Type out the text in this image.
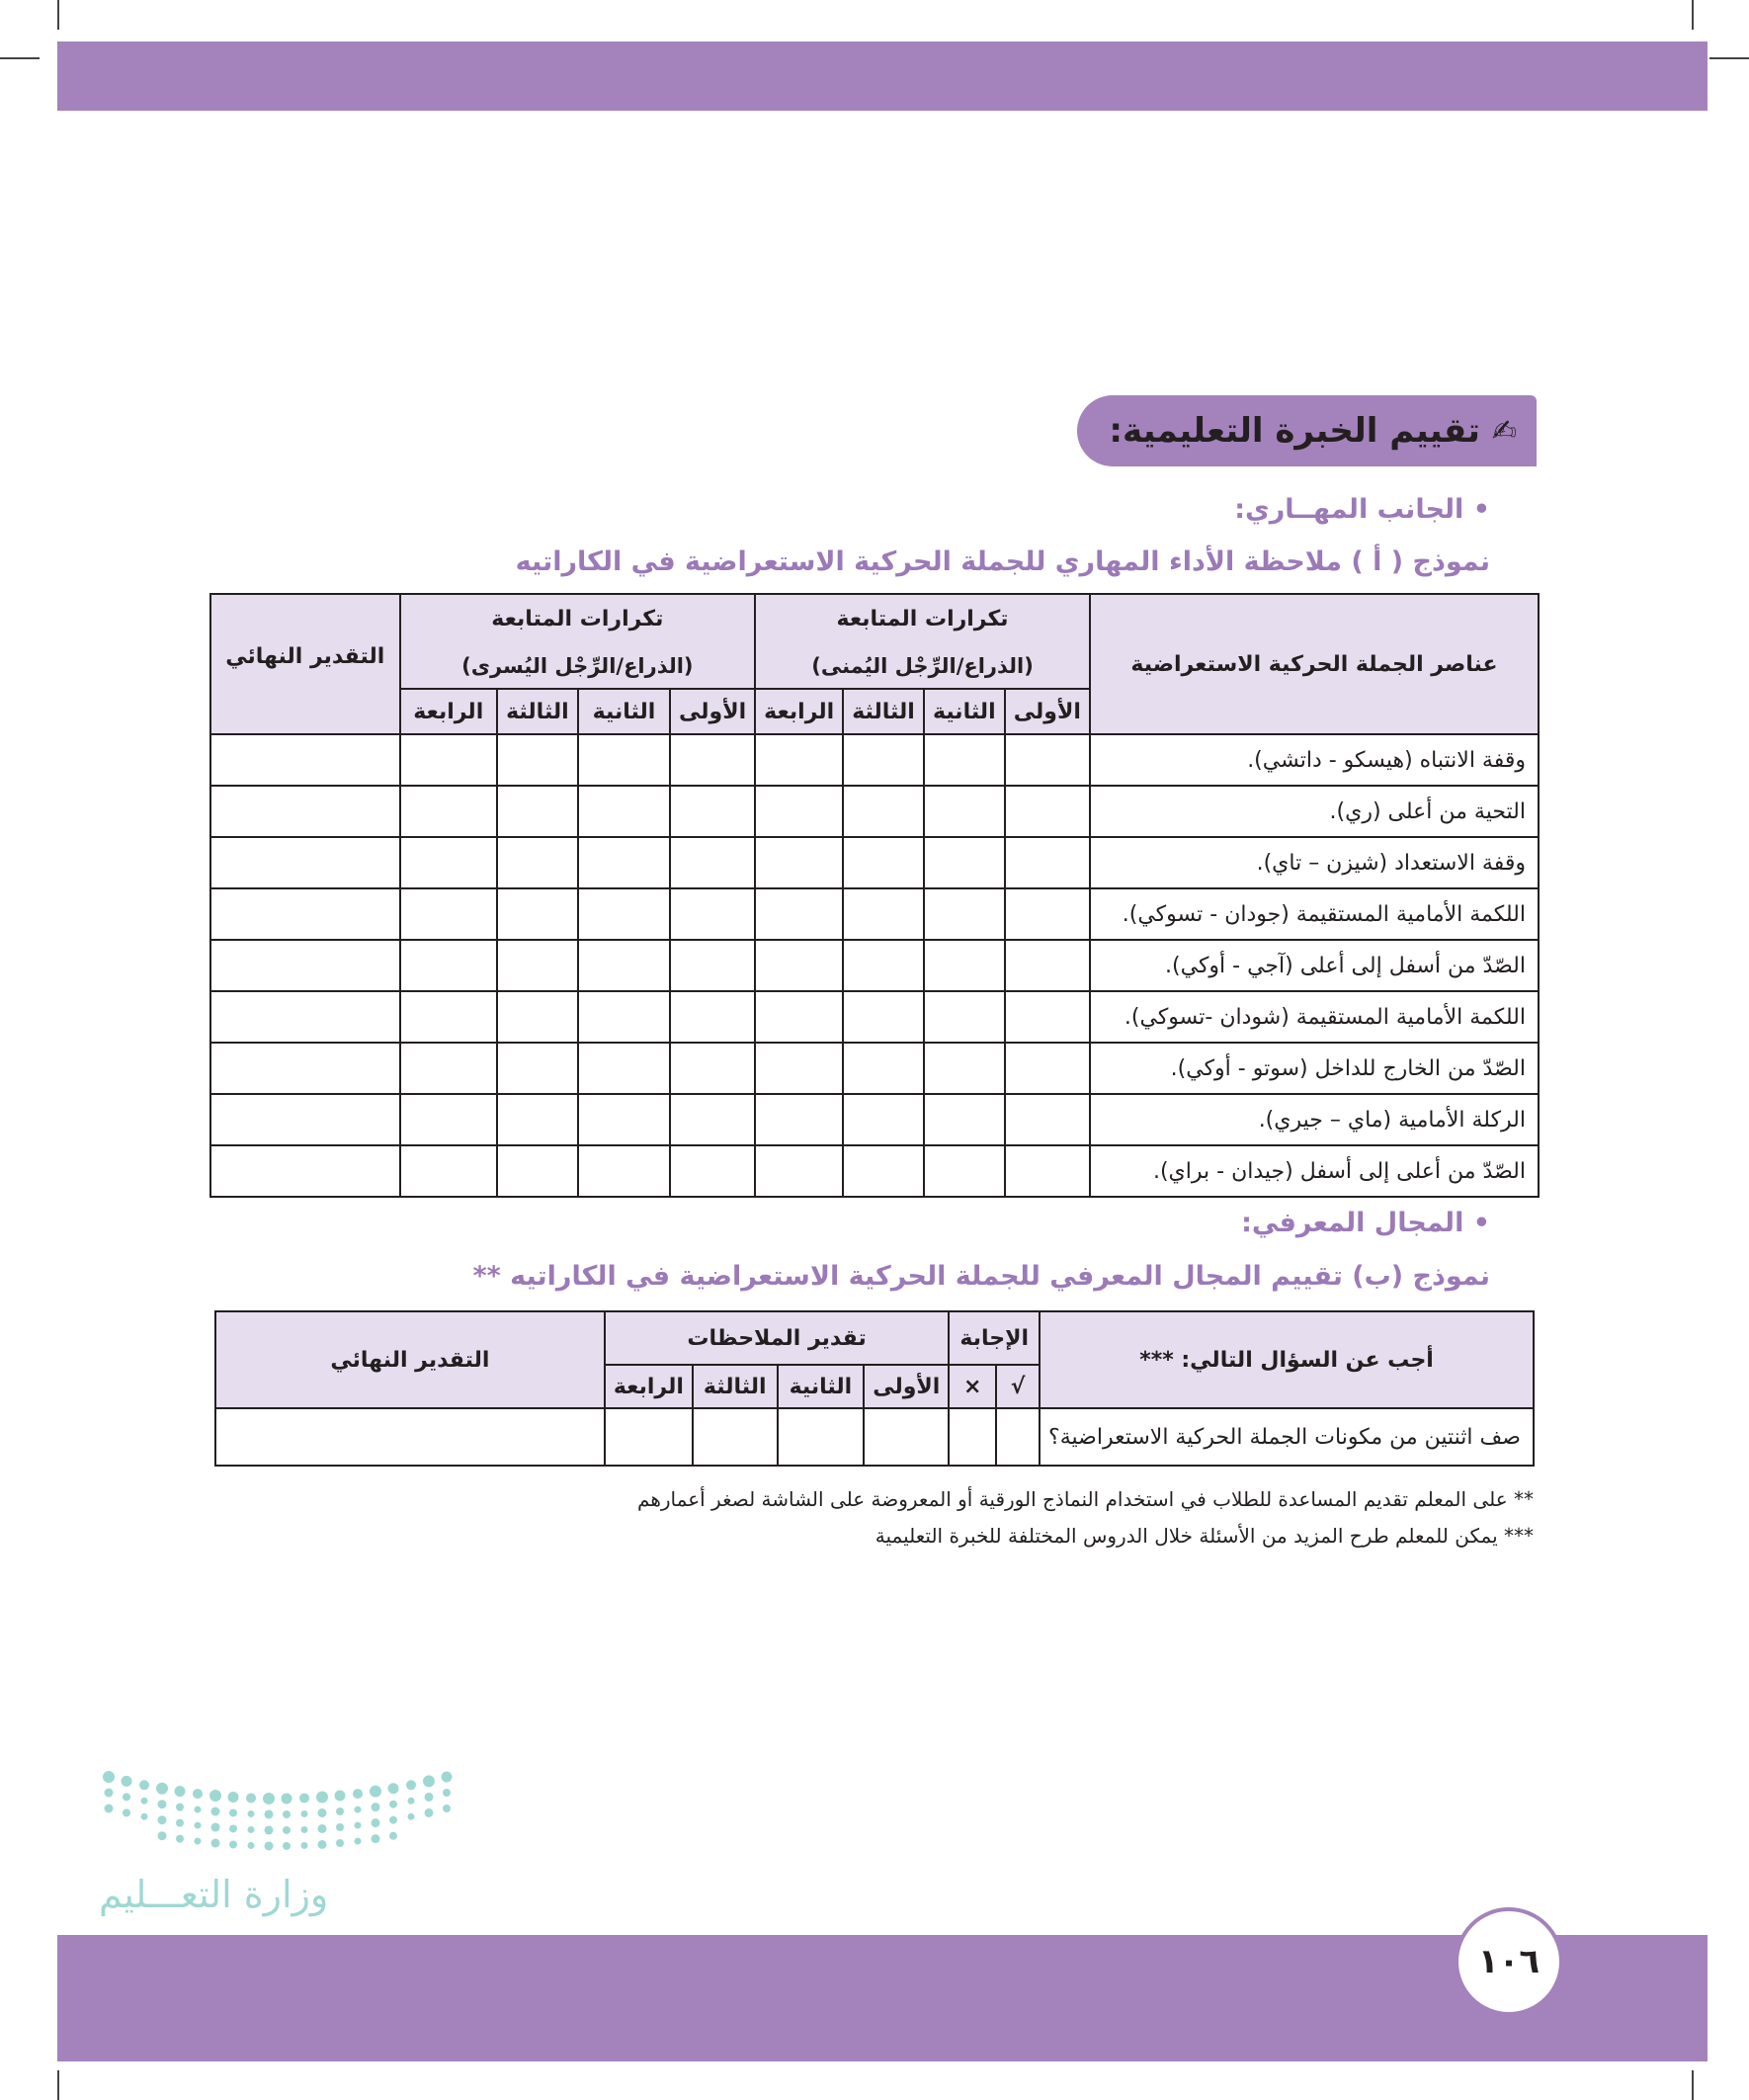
✍
تقييم الخبرة التعليمية:
• الجانب المهــاري:
نموذج ( أ ) ملاحظة الأداء المهاري للجملة الحركية الاستعراضية في الكاراتيه
عناصر الجملة الحركية الاستعراضية	تكرارات المتابعة				تكرارات المتابعة				التقدير النهائي
	(الذراع/الرِّجْل اليُمنى)				(الذراع/الرِّجْل اليُسرى)				
	الأولى	الثانية	الثالثة	الرابعة	الأولى	الثانية	الثالثة	الرابعة	
وقفة الانتباه (هيسكو - داتشي).									
التحية من أعلى (ري).									
وقفة الاستعداد (شيزن – تاي).									
اللكمة الأمامية المستقيمة (جودان - تسوكي).									
الصّدّ من أسفل إلى أعلى (آجي - أوكي).									
اللكمة الأمامية المستقيمة (شودان -تسوكي).									
الصّدّ من الخارج للداخل (سوتو - أوكي).									
الركلة الأمامية (ماي – جيري).									
الصّدّ من أعلى إلى أسفل (جيدان - براي).									
• المجال المعرفي:
نموذج (ب) تقييم المجال المعرفي للجملة الحركية الاستعراضية في الكاراتيه **
أجب عن السؤال التالي: ***	الإجابة		تقدير الملاحظات				التقدير النهائي
	√	×	الأولى	الثانية	الثالثة	الرابعة	
صف اثنتين من مكونات الجملة الحركية الاستعراضية؟							
** على المعلم تقديم المساعدة للطلاب في استخدام النماذج الورقية أو المعروضة على الشاشة لصغر أعمارهم
*** يمكن للمعلم طرح المزيد من الأسئلة خلال الدروس المختلفة للخبرة التعليمية
وزارة التعـــليم
١٠٦
